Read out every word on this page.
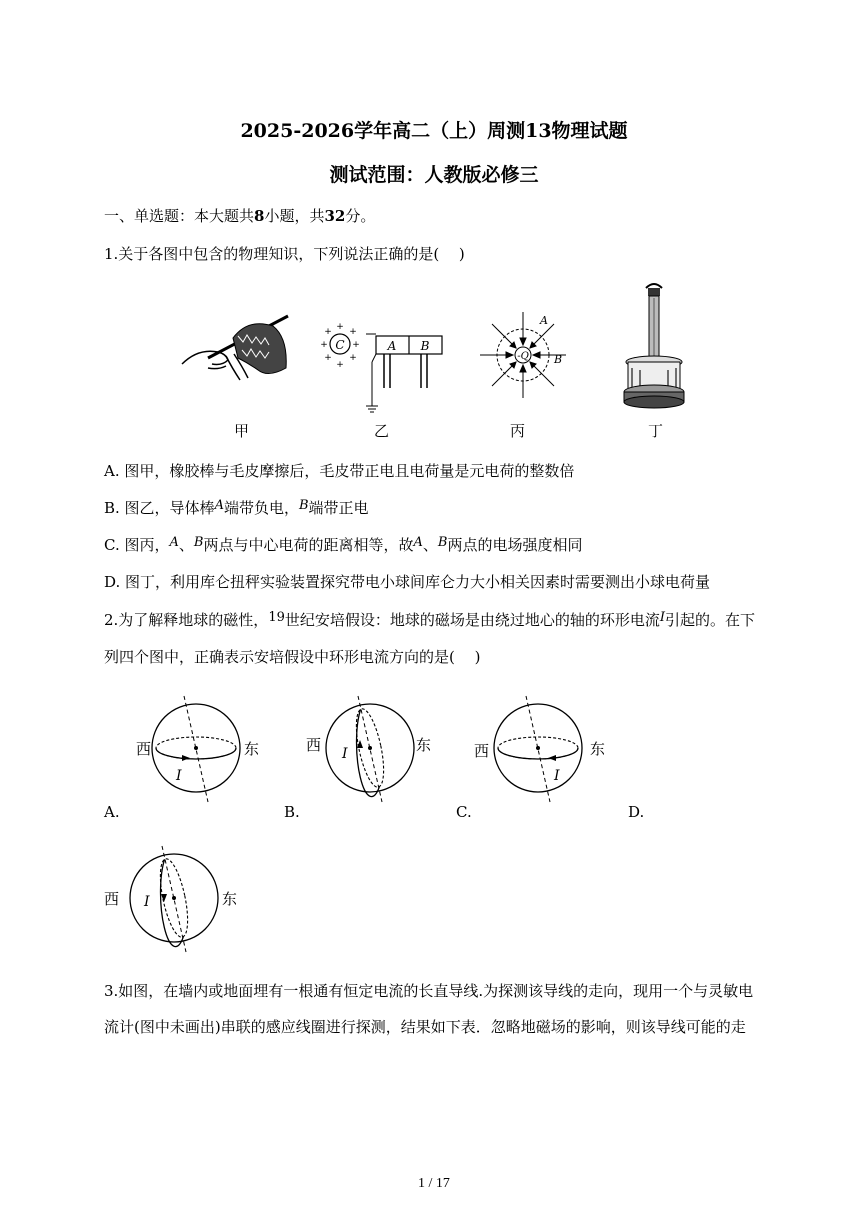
2025-2026学年高二（上）周测13物理试题
测试范围：人教版必修三
一、单选题：本大题共8小题，共32分。
1.关于各图中包含的物理知识，下列说法正确的是(　 )
C
+
+
+	+
+ +
+ +
A B
-Q
A
B
甲	乙	丙	丁
A. 图甲，橡胶棒与毛皮摩擦后，毛皮带正电且电荷量是元电荷的整数倍
B. 图乙，导体棒A端带负电，B端带正电
C. 图丙，A、B两点与中心电荷的距离相等，故A、B两点的电场强度相同
D. 图丁，利用库仑扭秤实验装置探究带电小球间库仑力大小相关因素时需要测出小球电荷量
2.为了解释地球的磁性，19世纪安培假设：地球的磁场是由绕过地心的轴的环形电流I引起的。在下
列四个图中，正确表示安培假设中环形电流方向的是(　 )
西	东
I
西	东
I	西	东
I
A.	B.	C.	D.
西	东
I
3.如图，在墙内或地面埋有一根通有恒定电流的长直导线.为探测该导线的走向，现用一个与灵敏电
流计(图中未画出)串联的感应线圈进行探测，结果如下表．忽略地磁场的影响，则该导线可能的走
1 / 17
